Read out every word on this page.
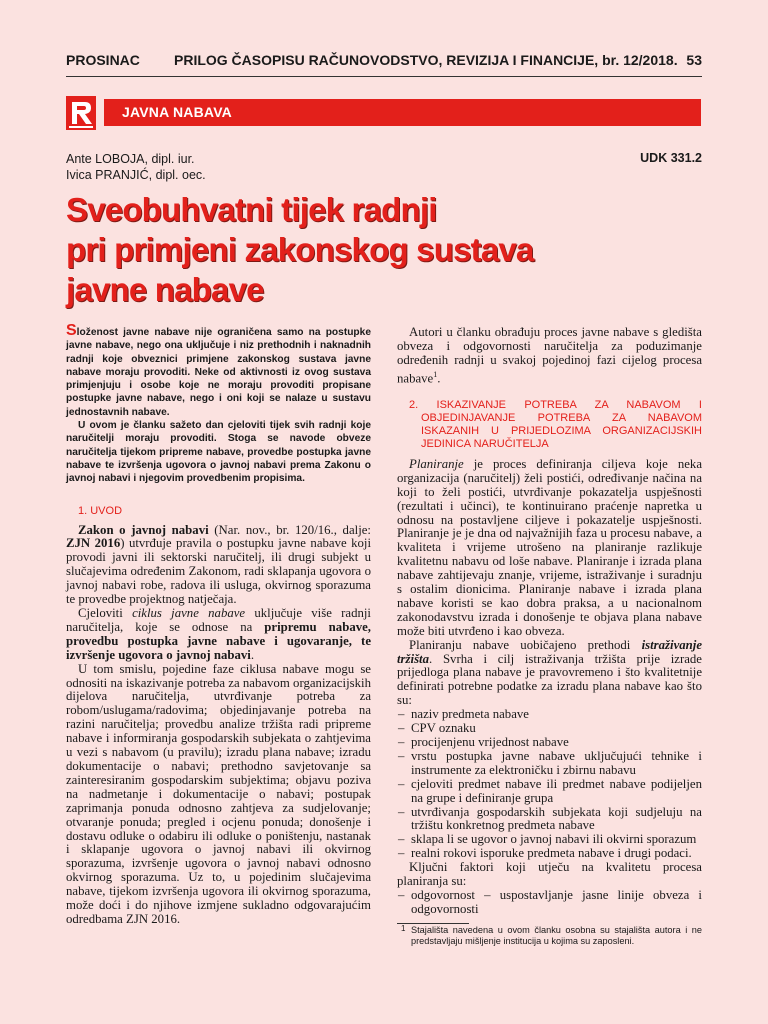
PROSINAC	PRILOG ČASOPISU RAČUNOVODSTVO, REVIZIJA I FINANCIJE, br. 12/2018. 53
JAVNA NABAVA
Ante LOBOJA, dipl. iur.
Ivica PRANJIĆ, dipl. oec.
UDK 331.2
Sveobuhvatni tijek radnji
pri primjeni zakonskog sustava
javne nabave

Složenost javne nabave nije ograničena samo na postupke javne nabave, nego ona uključuje i niz prethodnih i naknadnih radnji koje obveznici primjene zakonskog sustava javne nabave moraju provoditi. Neke od aktivnosti iz ovog sustava primjenjuju i osobe koje ne moraju provoditi propisane postupke javne nabave, nego i oni koji se nalaze u sustavu jednostavnih nabave.

U ovom je članku sažeto dan cjeloviti tijek svih radnji koje naručitelji moraju provoditi. Stoga se navode obveze naručitelja tijekom pripreme nabave, provedbe postupka javne nabave te izvršenja ugovora o javnoj nabavi prema Zakonu o javnoj nabavi i njegovim provedbenim propisima.

1. UVOD

Zakon o javnoj nabavi (Nar. nov., br. 120/16., dalje: ZJN 2016) utvrđuje pravila o postupku javne nabave koji provodi javni ili sektorski naručitelj, ili drugi subjekt u slučajevima određenim Zakonom, radi sklapanja ugovora o javnoj nabavi robe, radova ili usluga, okvirnog sporazuma te provedbe projektnog natječaja.

Cjeloviti ciklus javne nabave uključuje više radnji naručitelja, koje se odnose na pripremu nabave, provedbu postupka javne nabave i ugovaranje, te izvršenje ugovora o javnoj nabavi.

U tom smislu, pojedine faze ciklusa nabave mogu se odnositi na iskazivanje potreba za nabavom organizacijskih dijelova naručitelja, utvrđivanje potreba za robom/uslugama/radovima; objedinjavanje potreba na razini naručitelja; provedbu analize tržišta radi pripreme nabave i informiranja gospodarskih subjekata o zahtjevima u vezi s nabavom (u pravilu); izradu plana nabave; izradu dokumentacije o nabavi; prethodno savjetovanje sa zainteresiranim gospodarskim subjektima; objavu poziva na nadmetanje i dokumentacije o nabavi; postupak zaprimanja ponuda odnosno zahtjeva za sudjelovanje; otvaranje ponuda; pregled i ocjenu ponuda; donošenje i dostavu odluke o odabiru ili odluke o poništenju, nastanak i sklapanje ugovora o javnoj nabavi ili okvirnog sporazuma, izvršenje ugovora o javnoj nabavi odnosno okvirnog sporazuma. Uz to, u pojedinim slučajevima nabave, tijekom izvršenja ugovora ili okvirnog sporazuma, može doći i do njihove izmjene sukladno odgovarajućim odredbama ZJN 2016.

Autori u članku obrađuju proces javne nabave s gledišta obveza i odgovornosti naručitelja za poduzimanje određenih radnji u svakoj pojedinoj fazi cijelog procesa nabave$^1$.

2. ISKAZIVANJE POTREBA ZA NABAVOM I OBJEDINJAVANJE POTREBA ZA NABAVOM ISKAZANIH U PRIJEDLOZIMA ORGANIZACIJSKIH JEDINICA NARUČITELJA

Planiranje je proces definiranja ciljeva koje neka organizacija (naručitelj) želi postići, određivanje načina na koji to želi postići, utvrđivanje pokazatelja uspješnosti (rezultati i učinci), te kontinuirano praćenje napretka u odnosu na postavljene ciljeve i pokazatelje uspješnosti. Planiranje je je dna od najvažnijih faza u procesu nabave, a kvaliteta i vrijeme utrošeno na planiranje razlikuje kvalitetnu nabavu od loše nabave. Planiranje i izrada plana nabave zahtijevaju znanje, vrijeme, istraživanje i suradnju s ostalim dionicima. Planiranje nabave i izrada plana nabave koristi se kao dobra praksa, a u nacionalnom zakonodavstvu izrada i donošenje te objava plana nabave može biti utvrđeno i kao obveza.

Planiranju nabave uobičajeno prethodi istraživanje tržišta. Svrha i cilj istraživanja tržišta prije izrade prijedloga plana nabave je pravovremeno i što kvalitetnije definirati potrebne podatke za izradu plana nabave kao što su:

– naziv predmeta nabave
– CPV oznaku
– procijenjenu vrijednost nabave
– vrstu postupka javne nabave uključujući tehnike i instrumente za elektroničku i zbirnu nabavu
– cjeloviti predmet nabave ili predmet nabave podijeljen na grupe i definiranje grupa
– utvrđivanja gospodarskih subjekata koji sudjeluju na tržištu konkretnog predmeta nabave
– sklapa li se ugovor o javnoj nabavi ili okvirni sporazum
– realni rokovi isporuke predmeta nabave i drugi podaci.

Ključni faktori koji utječu na kvalitetu procesa planiranja su:

– odgovornost – uspostavljanje jasne linije obveza i odgovornosti
1 Stajališta navedena u ovom članku osobna su stajališta autora i ne predstavljaju mišljenje institucija u kojima su zaposleni.
